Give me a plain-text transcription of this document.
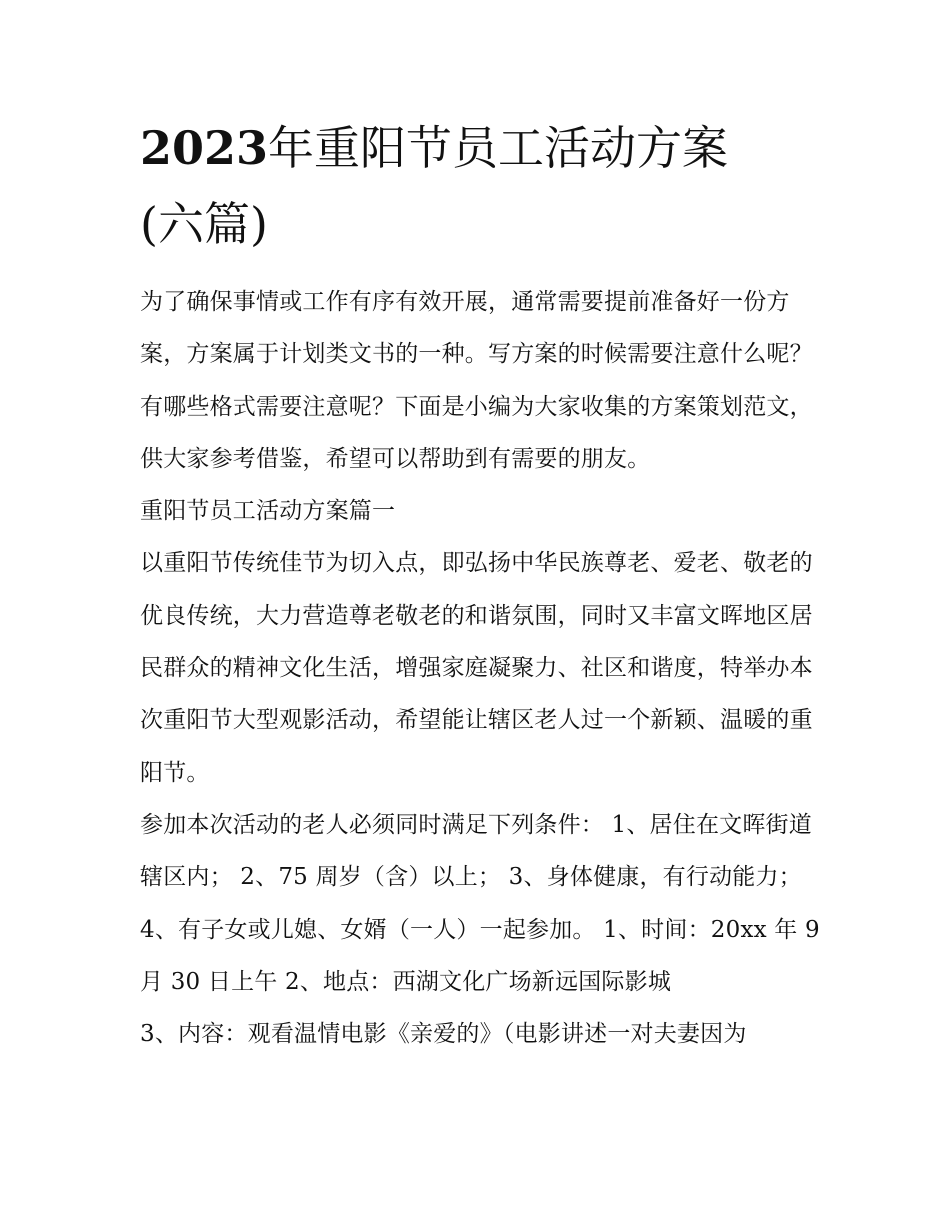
2023年重阳节员工活动方案
(六篇)

为了确保事情或工作有序有效开展，通常需要提前准备好一份方案，方案属于计划类文书的一种。写方案的时候需要注意什么呢？有哪些格式需要注意呢？下面是小编为大家收集的方案策划范文，供大家参考借鉴，希望可以帮助到有需要的朋友。

重阳节员工活动方案篇一

以重阳节传统佳节为切入点，即弘扬中华民族尊老、爱老、敬老的优良传统，大力营造尊老敬老的和谐氛围，同时又丰富文晖地区居民群众的精神文化生活，增强家庭凝聚力、社区和谐度，特举办本次重阳节大型观影活动，希望能让辖区老人过一个新颖、温暖的重阳节。

参加本次活动的老人必须同时满足下列条件： 1、居住在文晖街道辖区内； 2、75 周岁（含）以上； 3、身体健康，有行动能力；

4、有子女或儿媳、女婿（一人）一起参加。 1、时间：20xx 年 9 月 30 日上午 2、地点：西湖文化广场新远国际影城

3、内容：观看温情电影《亲爱的》（电影讲述一对夫妻因为
